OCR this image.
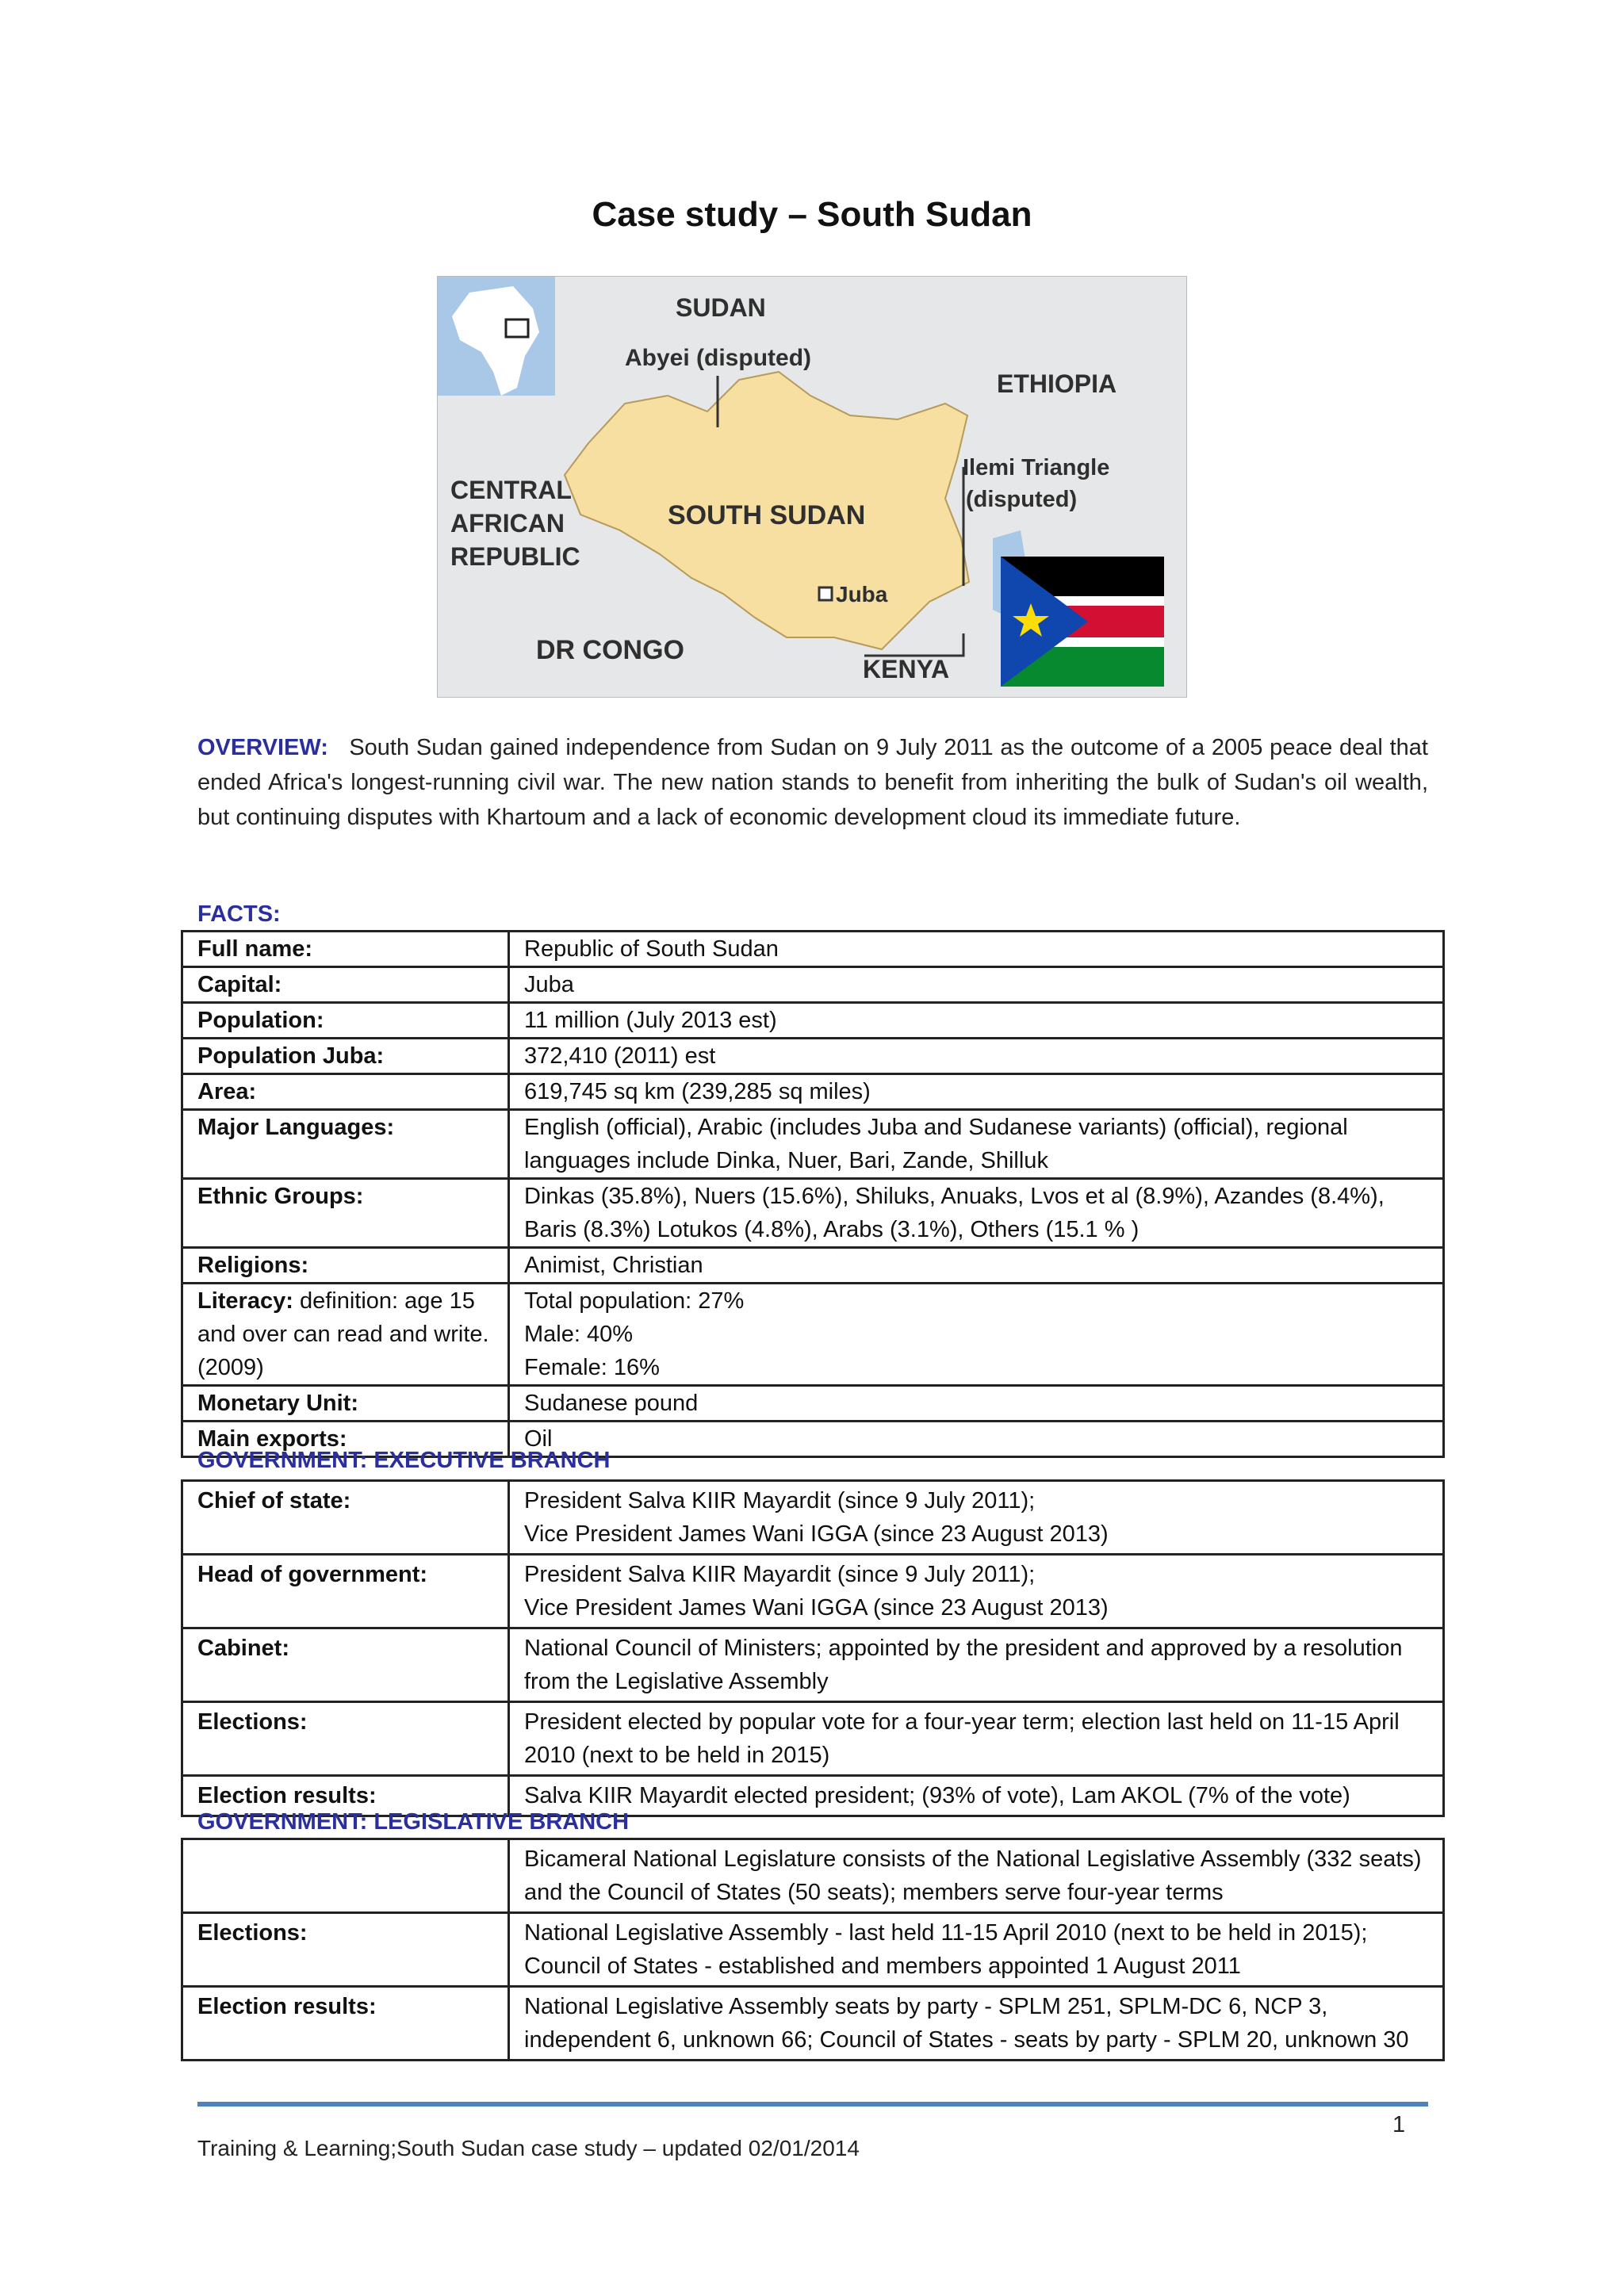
Case study – South Sudan
SUDAN
Abyei (disputed)
ETHIOPIA
CENTRAL
AFRICAN
REPUBLIC
SOUTH SUDAN
Ilemi Triangle
(disputed)
Juba
DR CONGO
KENYA
OVERVIEW: South Sudan gained independence from Sudan on 9 July 2011 as the outcome of a 2005 peace deal that ended Africa's longest-running civil war. The new nation stands to benefit from inheriting the bulk of Sudan's oil wealth, but continuing disputes with Khartoum and a lack of economic development cloud its immediate future.
FACTS:
Full name:	Republic of South Sudan
Capital:	Juba
Population:	11 million (July 2013 est)
Population Juba:	372,410 (2011) est
Area:	619,745 sq km (239,285 sq miles)
Major Languages:	English (official), Arabic (includes Juba and Sudanese variants) (official), regional languages include Dinka, Nuer, Bari, Zande, Shilluk
Ethnic Groups:	Dinkas (35.8%), Nuers (15.6%), Shiluks, Anuaks, Lvos et al (8.9%), Azandes (8.4%), Baris (8.3%) Lotukos (4.8%), Arabs (3.1%), Others (15.1 % )
Religions:	Animist, Christian
Literacy: definition: age 15 and over can read and write. (2009)	Total population: 27%
Male: 40%
Female: 16%

Monetary Unit:	Sudanese pound
Main exports:	Oil
GOVERNMENT: EXECUTIVE BRANCH
Chief of state:	President Salva KIIR Mayardit (since 9 July 2011);
Vice President James Wani IGGA (since 23 August 2013)

Head of government:	President Salva KIIR Mayardit (since 9 July 2011);
Vice President James Wani IGGA (since 23 August 2013)

Cabinet:	National Council of Ministers; appointed by the president and approved by a resolution from the Legislative Assembly
Elections:	President elected by popular vote for a four-year term; election last held on 11-15 April 2010 (next to be held in 2015)
Election results:	Salva KIIR Mayardit elected president; (93% of vote), Lam AKOL (7% of the vote)
GOVERNMENT: LEGISLATIVE BRANCH
	Bicameral National Legislature consists of the National Legislative Assembly (332 seats) and the Council of States (50 seats); members serve four-year terms
Elections:	National Legislative Assembly - last held 11-15 April 2010 (next to be held in 2015); Council of States - established and members appointed 1 August 2011
Election results:	National Legislative Assembly seats by party - SPLM 251, SPLM-DC 6, NCP 3, independent 6, unknown 66; Council of States - seats by party - SPLM 20, unknown 30
1
Training & Learning;South Sudan case study – updated 02/01/2014
